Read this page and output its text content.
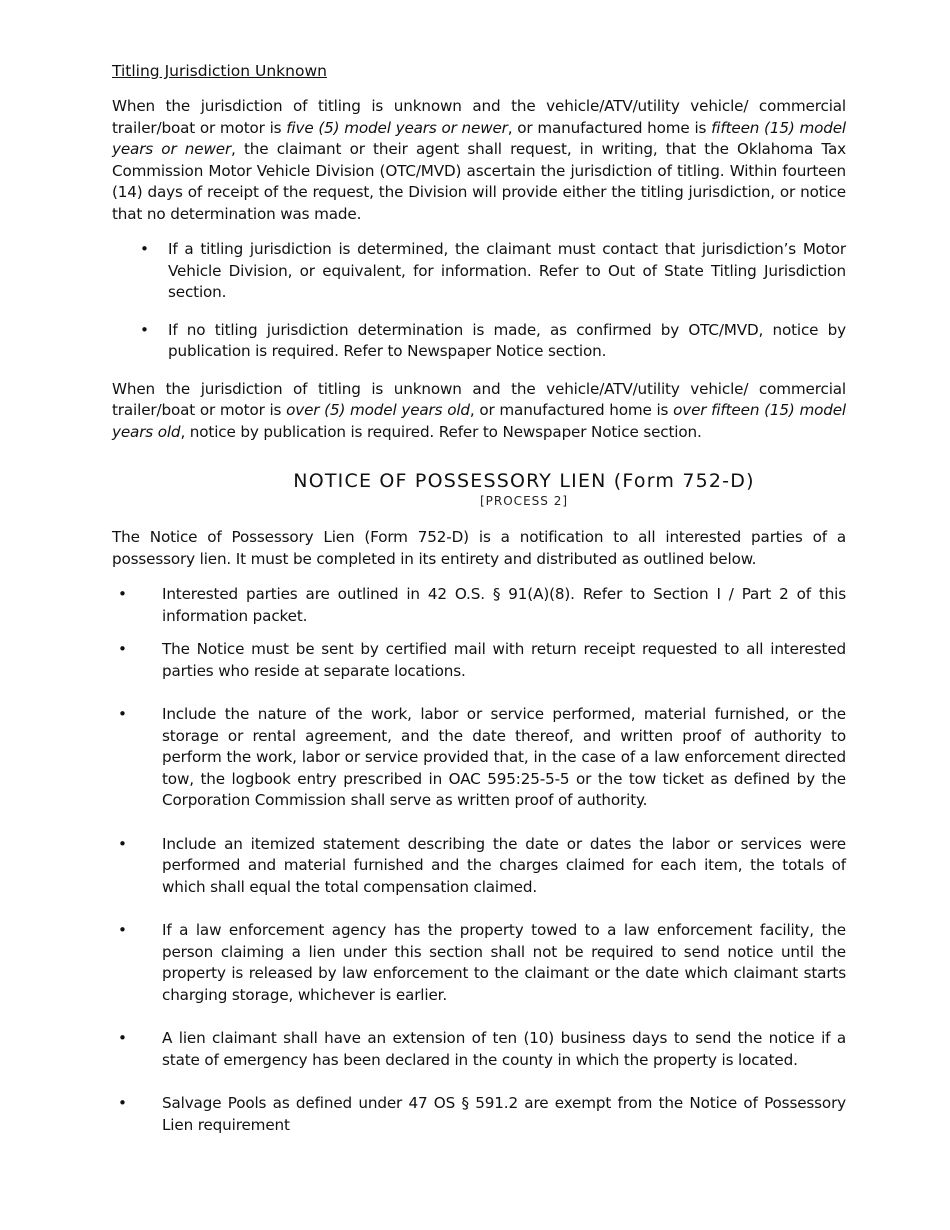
Titling Jurisdiction Unknown

When the jurisdiction of titling is unknown and the vehicle/ATV/utility vehicle/ commercial trailer/boat or motor is five (5) model years or newer, or manufactured home is fifteen (15) model years or newer, the claimant or their agent shall request, in writing, that the Oklahoma Tax Commission Motor Vehicle Division (OTC/MVD) ascertain the jurisdiction of titling. Within fourteen (14) days of receipt of the request, the Division will provide either the titling jurisdiction, or notice that no determination was made.

• If a titling jurisdiction is determined, the claimant must contact that jurisdiction’s Motor Vehicle Division, or equivalent, for information. Refer to Out of State Titling Jurisdiction section.
• If no titling jurisdiction determination is made, as confirmed by OTC/MVD, notice by publication is required. Refer to Newspaper Notice section.

When the jurisdiction of titling is unknown and the vehicle/ATV/utility vehicle/ commercial trailer/boat or motor is over (5) model years old, or manufactured home is over fifteen (15) model years old, notice by publication is required. Refer to Newspaper Notice section.

NOTICE OF POSSESSORY LIEN (Form 752-D)
[PROCESS 2]

The Notice of Possessory Lien (Form 752-D) is a notification to all interested parties of a possessory lien. It must be completed in its entirety and distributed as outlined below.

• Interested parties are outlined in 42 O.S. § 91(A)(8). Refer to Section I / Part 2 of this information packet.
• The Notice must be sent by certified mail with return receipt requested to all interested parties who reside at separate locations.
• Include the nature of the work, labor or service performed, material furnished, or the storage or rental agreement, and the date thereof, and written proof of authority to perform the work, labor or service provided that, in the case of a law enforcement directed tow, the logbook entry prescribed in OAC 595:25-5-5 or the tow ticket as defined by the Corporation Commission shall serve as written proof of authority.
• Include an itemized statement describing the date or dates the labor or services were performed and material furnished and the charges claimed for each item, the totals of which shall equal the total compensation claimed.
• If a law enforcement agency has the property towed to a law enforcement facility, the person claiming a lien under this section shall not be required to send notice until the property is released by law enforcement to the claimant or the date which claimant starts charging storage, whichever is earlier.
• A lien claimant shall have an extension of ten (10) business days to send the notice if a state of emergency has been declared in the county in which the property is located.
• Salvage Pools as defined under 47 OS § 591.2 are exempt from the Notice of Possessory Lien requirement
